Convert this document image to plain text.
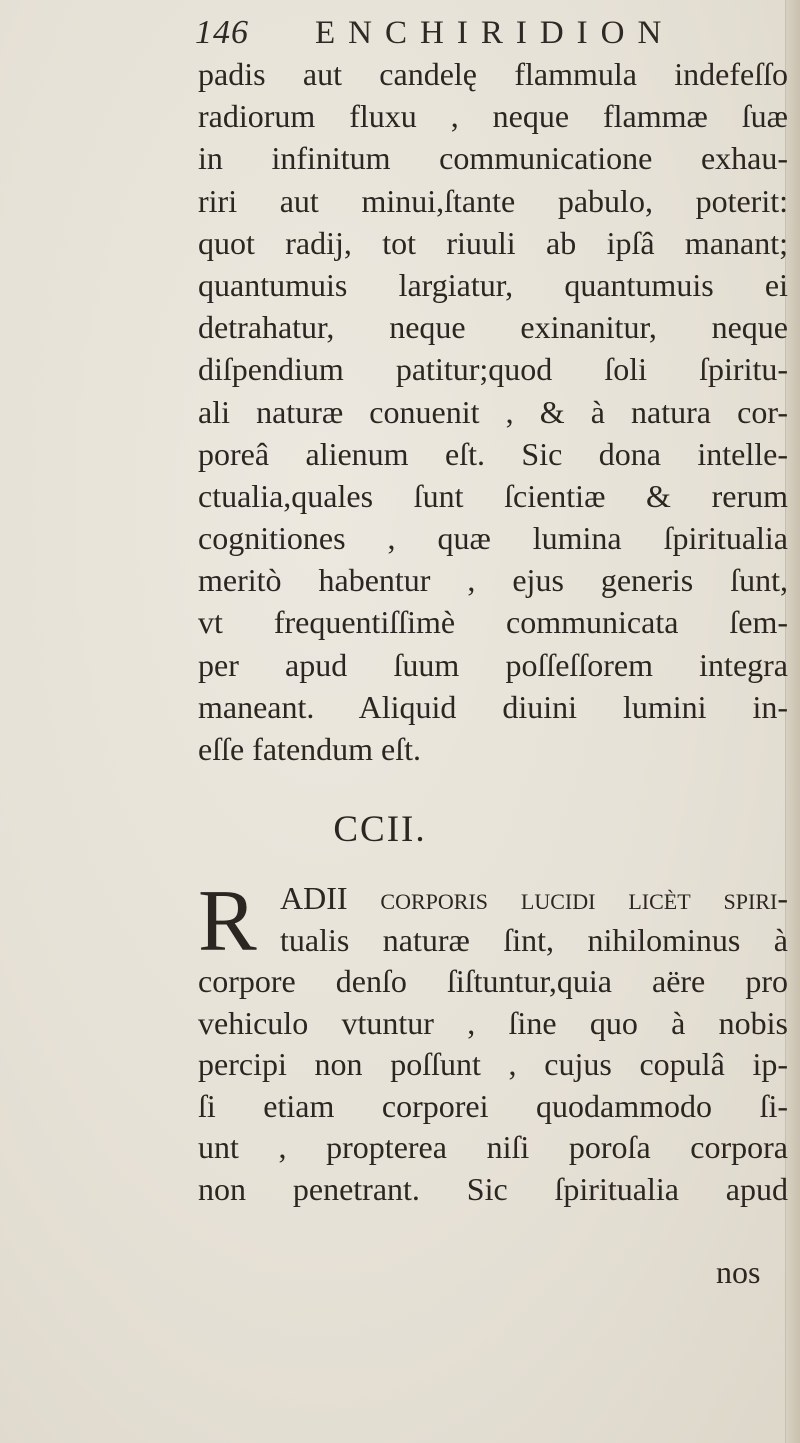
146	ENCHIRIDION
padis aut candelę flammula indefeſſo
radiorum fluxu , neque flammæ ſuæ
in infinitum communicatione exhau-
riri aut minui,ſtante pabulo, poterit:
quot radij, tot riuuli ab ipſâ manant;
quantumuis largiatur, quantumuis ei
detrahatur, neque exinanitur, neque
diſpendium patitur;quod ſoli ſpiritu-
ali naturæ conuenit , & à natura cor-
poreâ alienum eſt. Sic dona intelle-
ctualia,quales ſunt ſcientiæ & rerum
cognitiones , quæ lumina ſpiritualia
meritò habentur , ejus generis ſunt,
vt frequentiſſimè communicata ſem-
per apud ſuum poſſeſſorem integra
maneant. Aliquid diuini lumini in-
eſſe fatendum eſt.
CCII.
R ADII corporis lucidi licèt ſpiri-
tualis naturæ ſint, nihilominus à
corpore denſo ſiſtuntur,quia aëre pro
vehiculo vtuntur , ſine quo à nobis
percipi non poſſunt , cujus copulâ ip-
ſi etiam corporei quodammodo ſi-
unt , propterea niſi poroſa corpora
non penetrant. Sic ſpiritualia apud
nos
